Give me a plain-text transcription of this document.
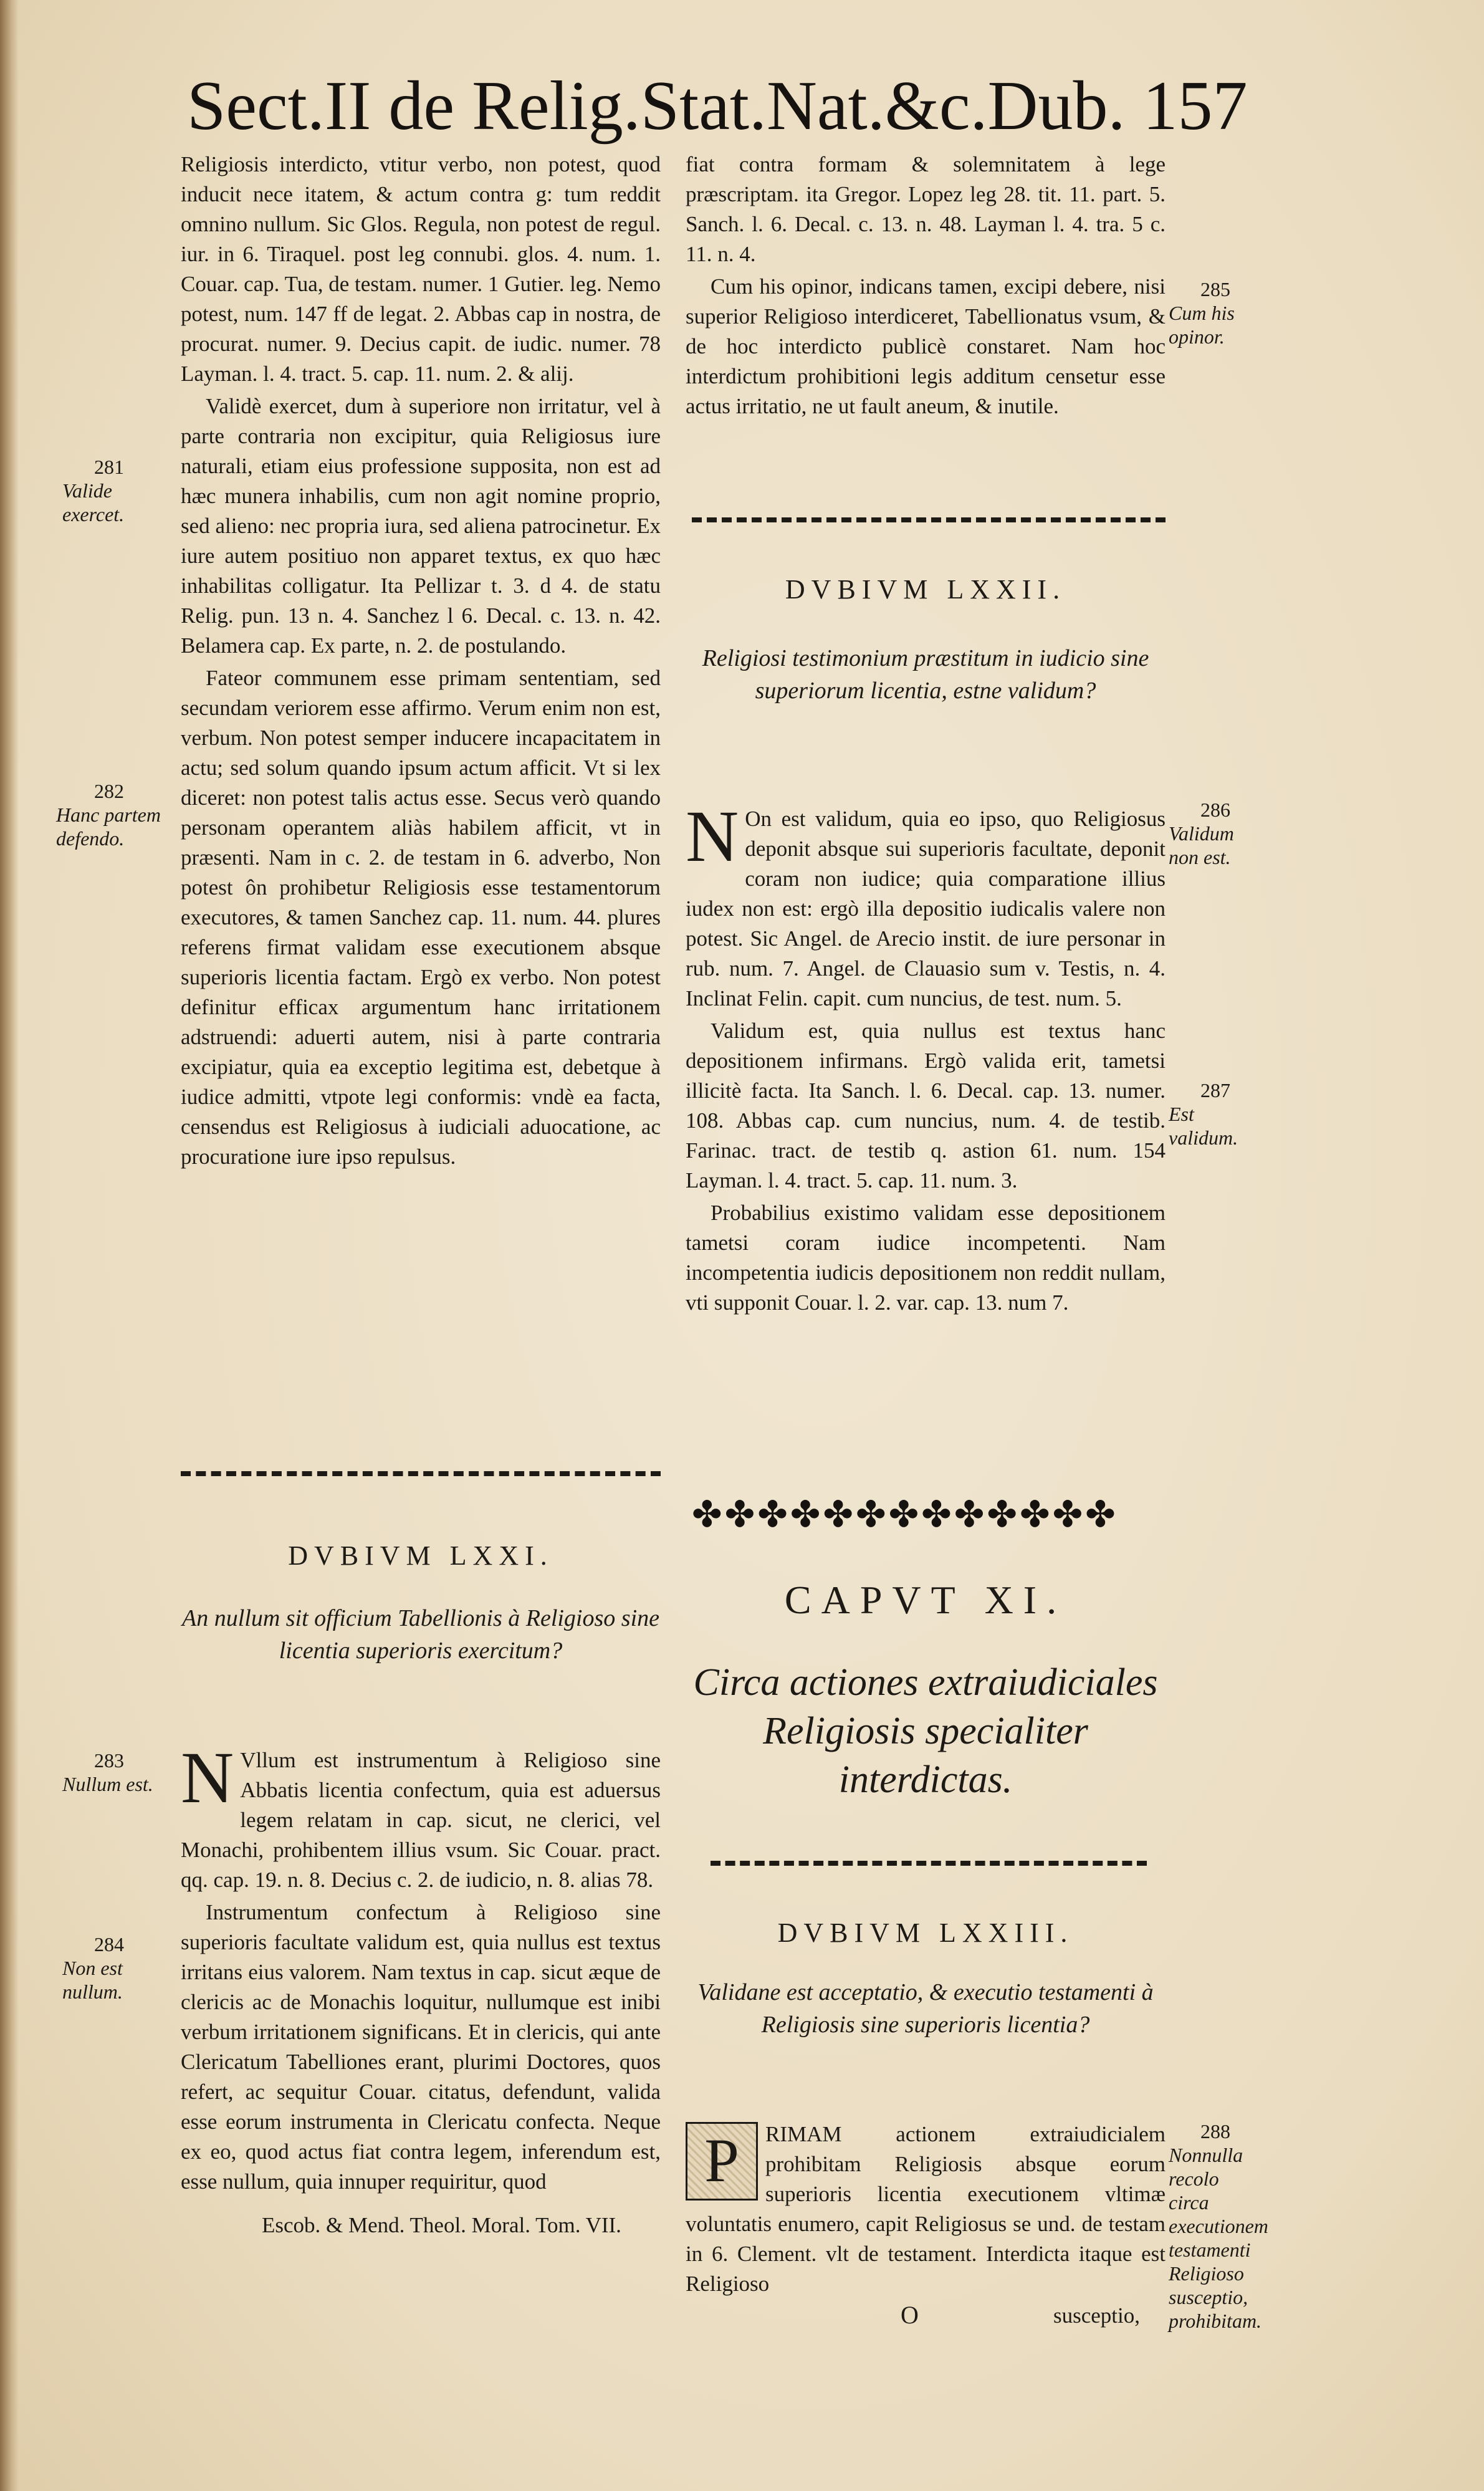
Sect.II de Relig.Stat.Nat.&c.Dub. 157

Religiosis interdicto, vtitur verbo, non potest, quod inducit nece itatem, & actum contra g: tum reddit omnino nullum. Sic Glos. Regula, non potest de regul. iur. in 6. Tiraquel. post leg connubi. glos. 4. num. 1. Couar. cap. Tua, de testam. numer. 1 Gutier. leg. Nemo potest, num. 147 ff de legat. 2. Abbas cap in nostra, de procurat. numer. 9. Decius capit. de iudic. numer. 78 Layman. l. 4. tract. 5. cap. 11. num. 2. & alij.

Validè exercet, dum à superiore non irritatur, vel à parte contraria non excipitur, quia Religiosus iure naturali, etiam eius professione supposita, non est ad hæc munera inhabilis, cum non agit nomine proprio, sed alieno: nec propria iura, sed aliena patrocinetur. Ex iure autem positiuo non apparet textus, ex quo hæc inhabilitas colligatur. Ita Pellizar t. 3. d 4. de statu Relig. pun. 13 n. 4. Sanchez l 6. Decal. c. 13. n. 42. Belamera cap. Ex parte, n. 2. de postulando.

Fateor communem esse primam sententiam, sed secundam veriorem esse affirmo. Verum enim non est, verbum. Non potest semper inducere incapacitatem in actu; sed solum quando ipsum actum afficit. Vt si lex diceret: non potest talis actus esse. Secus verò quando personam operantem aliàs habilem afficit, vt in præsenti. Nam in c. 2. de testam in 6. adverbo, Non potest ôn prohibetur Religiosis esse testamentorum executores, & tamen Sanchez cap. 11. num. 44. plures referens firmat validam esse executionem absque superioris licentia factam. Ergò ex verbo. Non potest definitur efficax argumentum hanc irritationem adstruendi: aduerti autem, nisi à parte contraria excipiatur, quia ea exceptio legitima est, debetque à iudice admitti, vtpote legi conformis: vndè ea facta, censendus est Religiosus à iudiciali aduocatione, ac procuratione iure ipso repulsus.

DVBIVM LXXI.
An nullum sit officium Tabellionis à Religioso sine licentia superioris exercitum?

N Vllum est instrumentum à Religioso sine Abbatis licentia confectum, quia est aduersus legem relatam in cap. sicut, ne clerici, vel Monachi, prohibentem illius vsum. Sic Couar. pract. qq. cap. 19. n. 8. Decius c. 2. de iudicio, n. 8. alias 78.

Instrumentum confectum à Religioso sine superioris facultate validum est, quia nullus est textus irritans eius valorem. Nam textus in cap. sicut æque de clericis ac de Monachis loquitur, nullumque est inibi verbum irritationem significans. Et in clericis, qui ante Clericatum Tabelliones erant, plurimi Doctores, quos refert, ac sequitur Couar. citatus, defendunt, valida esse eorum instrumenta in Clericatu confecta. Neque ex eo, quod actus fiat contra legem, inferendum est, esse nullum, quia innuper requiritur, quod

Escob. & Mend. Theol. Moral. Tom. VII.
281
Valide exercet.
282
Hanc partem defendo.
283
Nullum est.
284
Non est nullum.

fiat contra formam & solemnitatem à lege præscriptam. ita Gregor. Lopez leg 28. tit. 11. part. 5. Sanch. l. 6. Decal. c. 13. n. 48. Layman l. 4. tra. 5 c. 11. n. 4.

Cum his opinor, indicans tamen, excipi debere, nisi superior Religioso interdiceret, Tabellionatus vsum, & de hoc interdicto publicè constaret. Nam hoc interdictum prohibitioni legis additum censetur esse actus irritatio, ne ut fault aneum, & inutile.

DVBIVM LXXII.
Religiosi testimonium præstitum in iudicio sine superiorum licentia, estne validum?

N On est validum, quia eo ipso, quo Religiosus deponit absque sui superioris facultate, deponit coram non iudice; quia comparatione illius iudex non est: ergò illa depositio iudicalis valere non potest. Sic Angel. de Arecio instit. de iure personar in rub. num. 7. Angel. de Clauasio sum v. Testis, n. 4. Inclinat Felin. capit. cum nuncius, de test. num. 5.

Validum est, quia nullus est textus hanc depositionem infirmans. Ergò valida erit, tametsi illicitè facta. Ita Sanch. l. 6. Decal. cap. 13. numer. 108. Abbas cap. cum nuncius, num. 4. de testib. Farinac. tract. de testib q. astion 61. num. 154 Layman. l. 4. tract. 5. cap. 11. num. 3.

Probabilius existimo validam esse depositionem tametsi coram iudice incompetenti. Nam incompetentia iudicis depositionem non reddit nullam, vti supponit Couar. l. 2. var. cap. 13. num 7.

✤✤✤✤✤✤✤✤✤✤✤✤✤
CAPVT XI.
Circa actiones extraiudiciales Religiosis specialiter interdictas.
DVBIVM LXXIII.
Validane est acceptatio, & executio testamenti à Religiosis sine superioris licentia?

P	RIMAM actionem extraiudicialem prohibitam Religiosis absque eorum superioris licentia executionem vltimæ voluntatis enumero, capit Religiosus se und. de testam in 6. Clement. vlt de testament. Interdicta itaque est Religioso

O	susceptio,
285
Cum his opinor.
286
Validum non est.
287
Est validum.
288
Nonnulla recolo circa executionem testamenti Religioso susceptio, prohibitam.
